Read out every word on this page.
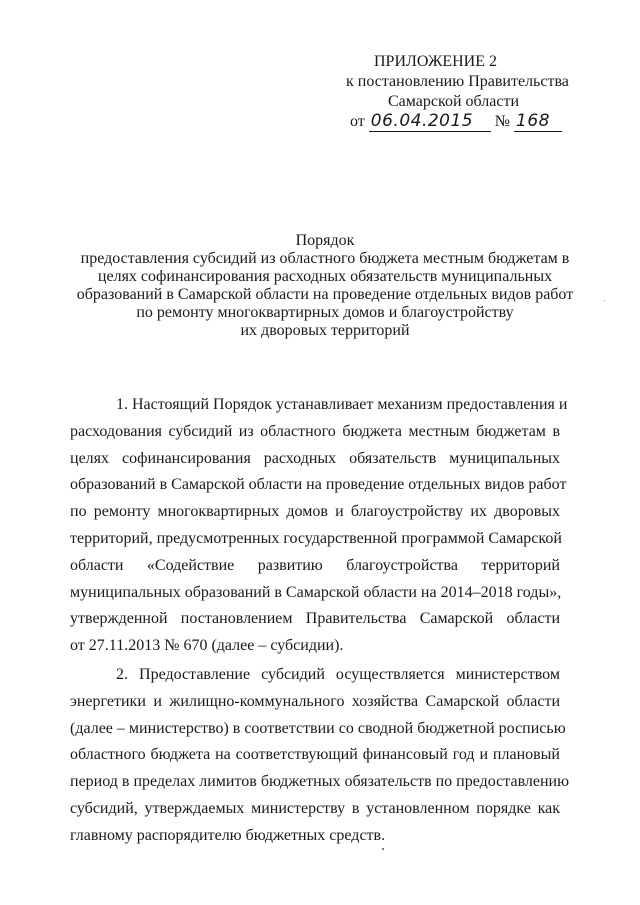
ПРИЛОЖЕНИЕ 2
к постановлению Правительства
Самарской области
от 06.04.2015 № 168
Порядок
предоставления субсидий из областного бюджета местным бюджетам в
целях софинансирования расходных обязательств муниципальных
образований в Самарской области на проведение отдельных видов работ
по ремонту многоквартирных домов и благоустройству
их дворовых территорий
1. Настоящий Порядок устанавливает механизм предоставления и
расходования субсидий из областного бюджета местным бюджетам в
целях софинансирования расходных обязательств муниципальных
образований в Самарской области на проведение отдельных видов работ
по ремонту многоквартирных домов и благоустройству их дворовых
территорий, предусмотренных государственной программой Самарской
области «Содействие развитию благоустройства территорий
муниципальных образований в Самарской области на 2014–2018 годы»,
утвержденной постановлением Правительства Самарской области
от 27.11.2013 № 670 (далее – субсидии).
2. Предоставление субсидий осуществляется министерством
энергетики и жилищно-коммунального хозяйства Самарской области
(далее – министерство) в соответствии со сводной бюджетной росписью
областного бюджета на соответствующий финансовый год и плановый
период в пределах лимитов бюджетных обязательств по предоставлению
субсидий, утверждаемых министерству в установленном порядке как
главному распорядителю бюджетных средств.
